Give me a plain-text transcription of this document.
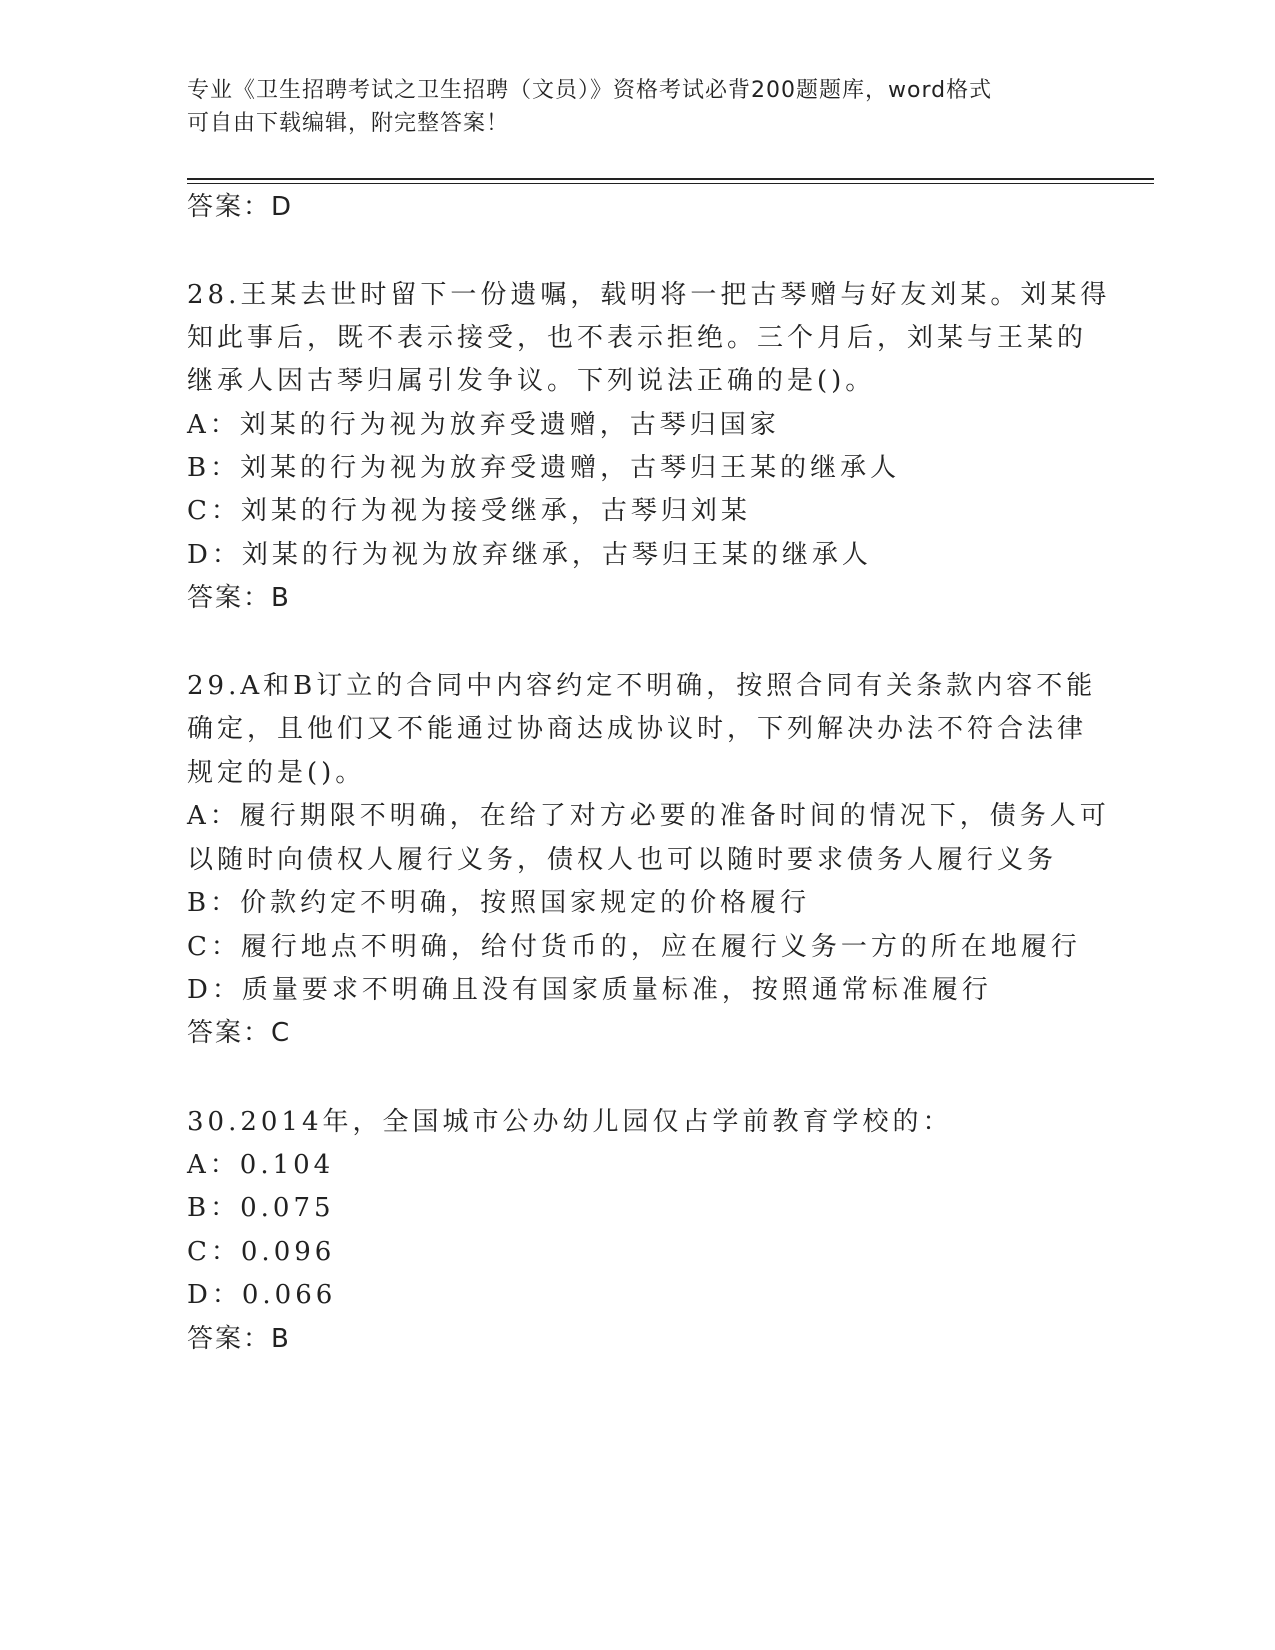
专业《卫生招聘考试之卫生招聘（文员）》资格考试必背200题题库，word格式
可自由下载编辑，附完整答案！
答案：D
28.王某去世时留下一份遗嘱，载明将一把古琴赠与好友刘某。刘某得
知此事后，既不表示接受，也不表示拒绝。三个月后，刘某与王某的
继承人因古琴归属引发争议。下列说法正确的是()。
A：刘某的行为视为放弃受遗赠，古琴归国家
B：刘某的行为视为放弃受遗赠，古琴归王某的继承人
C：刘某的行为视为接受继承，古琴归刘某
D：刘某的行为视为放弃继承，古琴归王某的继承人
答案：B
29.A和B订立的合同中内容约定不明确，按照合同有关条款内容不能
确定，且他们又不能通过协商达成协议时，下列解决办法不符合法律
规定的是()。
A：履行期限不明确，在给了对方必要的准备时间的情况下，债务人可
以随时向债权人履行义务，债权人也可以随时要求债务人履行义务
B：价款约定不明确，按照国家规定的价格履行
C：履行地点不明确，给付货币的，应在履行义务一方的所在地履行
D：质量要求不明确且没有国家质量标准，按照通常标准履行
答案：C
30.2014年，全国城市公办幼儿园仅占学前教育学校的：
A：0.104
B：0.075
C：0.096
D：0.066
答案：B
